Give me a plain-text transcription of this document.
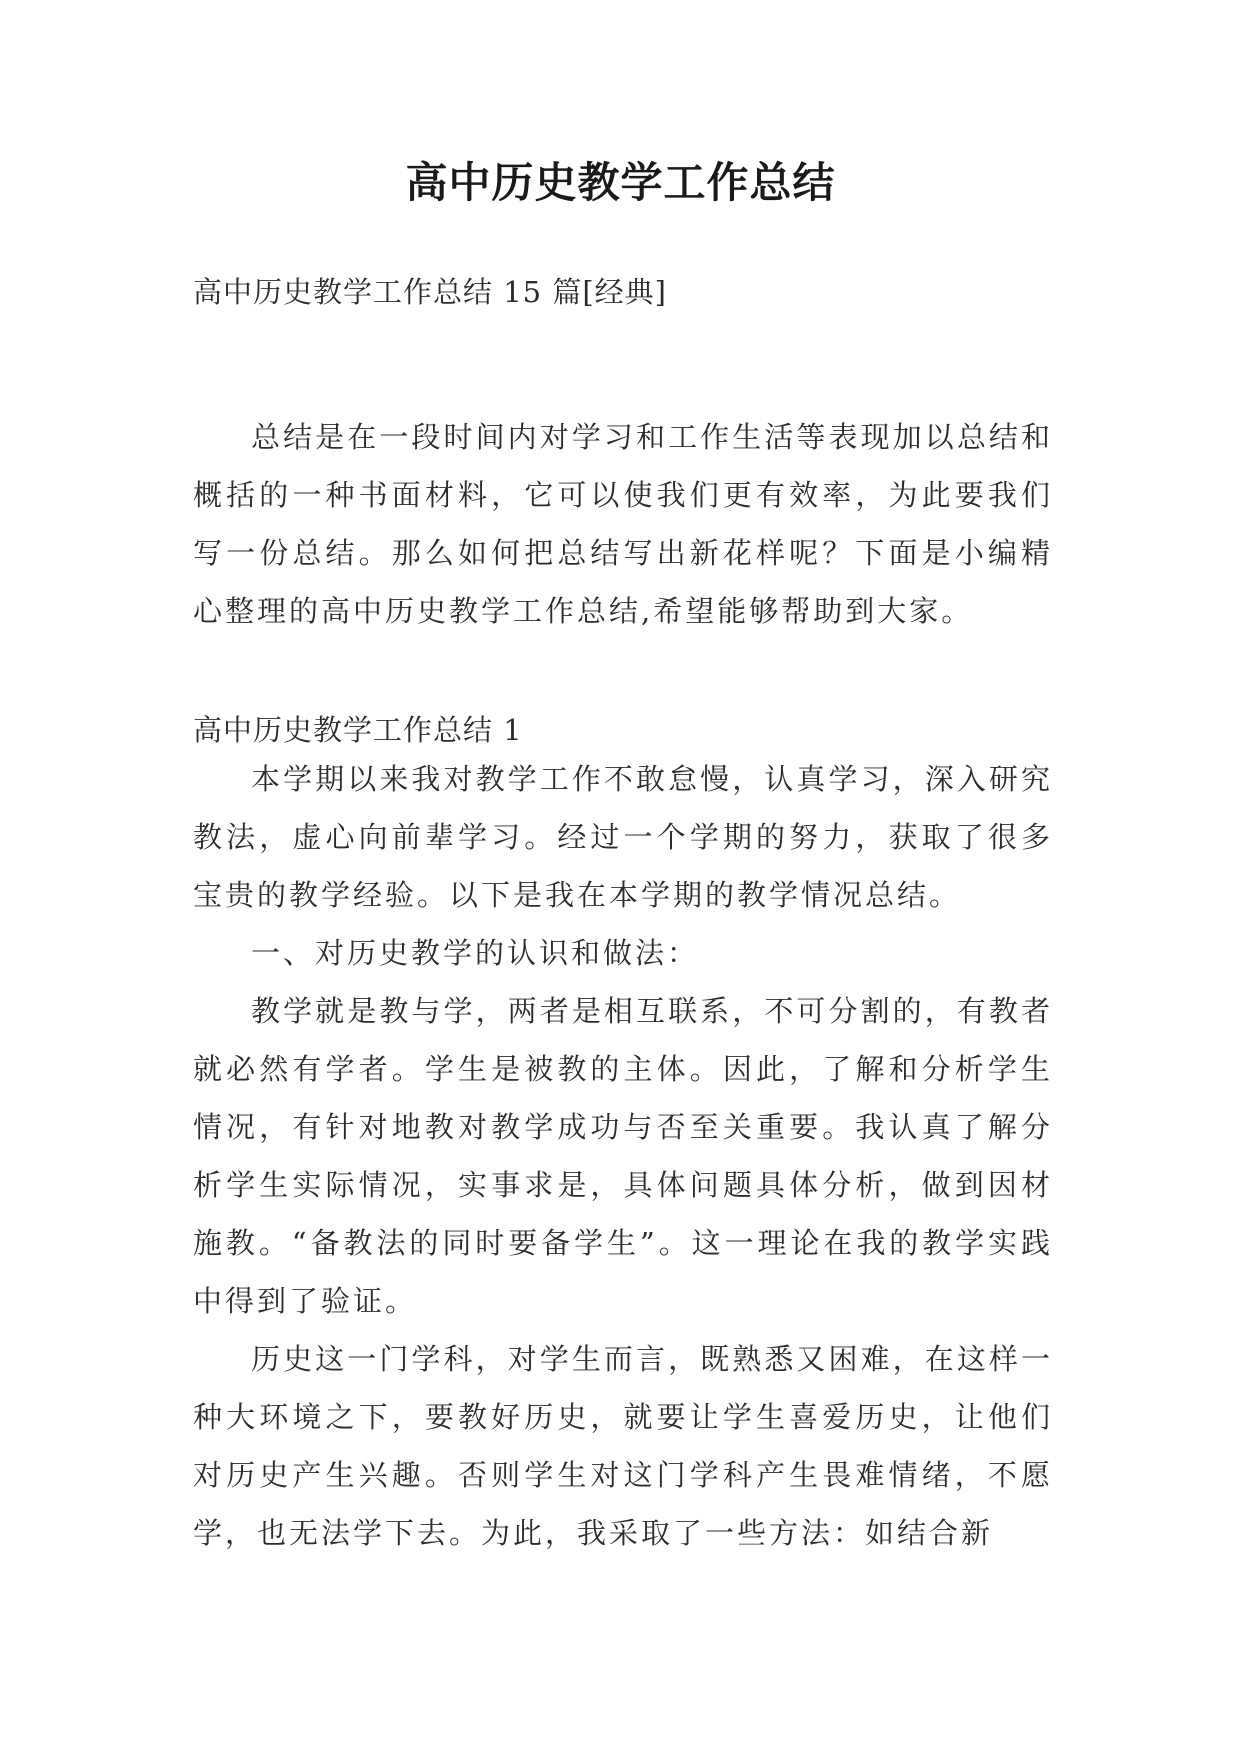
高中历史教学工作总结
高中历史教学工作总结 15 篇[经典]

总结是在一段时间内对学习和工作生活等表现加以总结和概括的一种书面材料，它可以使我们更有效率，为此要我们写一份总结。那么如何把总结写出新花样呢？下面是小编精心整理的高中历史教学工作总结,希望能够帮助到大家。

高中历史教学工作总结 1

本学期以来我对教学工作不敢怠慢，认真学习，深入研究教法，虚心向前辈学习。经过一个学期的努力，获取了很多宝贵的教学经验。以下是我在本学期的教学情况总结。

一、对历史教学的认识和做法：

教学就是教与学，两者是相互联系，不可分割的，有教者就必然有学者。学生是被教的主体。因此，了解和分析学生情况，有针对地教对教学成功与否至关重要。我认真了解分析学生实际情况，实事求是，具体问题具体分析，做到因材施教。“备教法的同时要备学生”。这一理论在我的教学实践中得到了验证。

历史这一门学科，对学生而言，既熟悉又困难，在这样一种大环境之下，要教好历史，就要让学生喜爱历史，让他们对历史产生兴趣。否则学生对这门学科产生畏难情绪，不愿学，也无法学下去。为此，我采取了一些方法：如结合新
